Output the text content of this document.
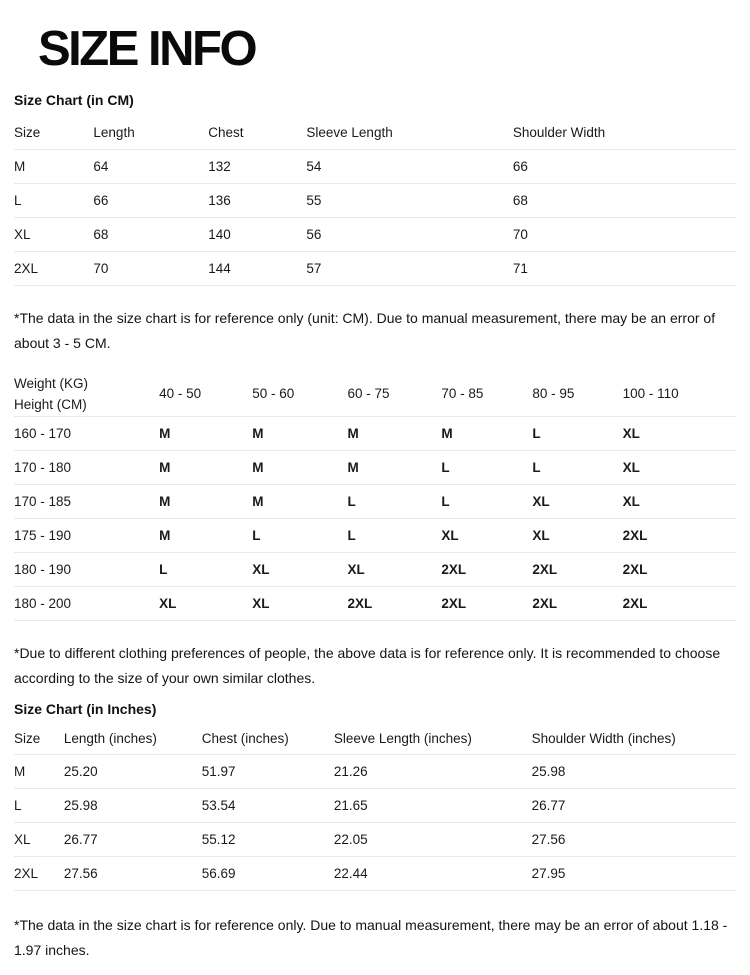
SIZE INFO
Size Chart (in CM)
Size	Length	Chest	Sleeve Length	Shoulder Width
M	64	132	54	66
L	66	136	55	68
XL	68	140	56	70
2XL	70	144	57	71

*The data in the size chart is for reference only (unit: CM). Due to manual measurement, there may be an error of about 3 - 5 CM.

Weight (KG)
Height (CM)	40 - 50	50 - 60	60 - 75	70 - 85	80 - 95	100 - 110
160 - 170	M	M	M	M	L	XL
170 - 180	M	M	M	L	L	XL
170 - 185	M	M	L	L	XL	XL
175 - 190	M	L	L	XL	XL	2XL
180 - 190	L	XL	XL	2XL	2XL	2XL
180 - 200	XL	XL	2XL	2XL	2XL	2XL

*Due to different clothing preferences of people, the above data is for reference only. It is recommended to choose according to the size of your own similar clothes.

Size Chart (in Inches)
Size	Length (inches)	Chest (inches)	Sleeve Length (inches)	Shoulder Width (inches)
M	25.20	51.97	21.26	25.98
L	25.98	53.54	21.65	26.77
XL	26.77	55.12	22.05	27.56
2XL	27.56	56.69	22.44	27.95

*The data in the size chart is for reference only. Due to manual measurement, there may be an error of about 1.18 - 1.97 inches.
